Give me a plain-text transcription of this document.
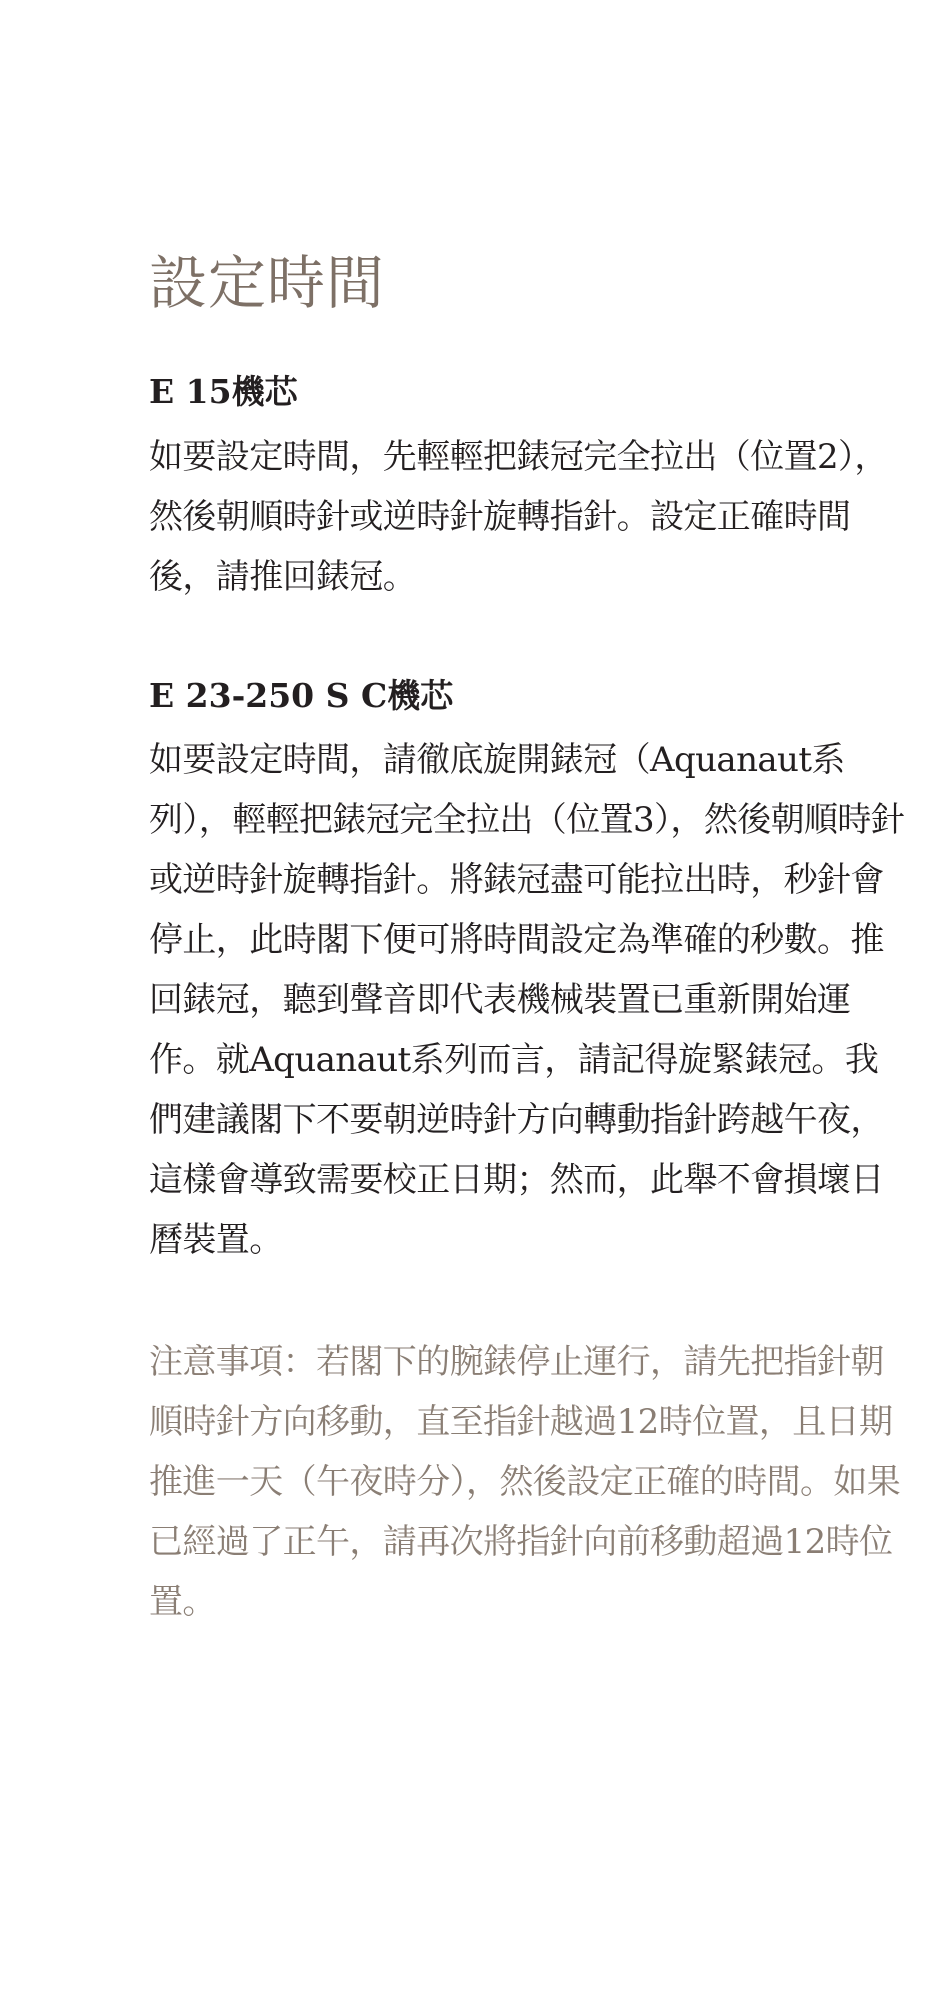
設定時間
E 15機芯

如要設定時間，先輕輕把錶冠完全拉出（位置2），然後朝順時針或逆時針旋轉指針。設定正確時間後，請推回錶冠。

E 23-250 S C機芯

如要設定時間，請徹底旋開錶冠（Aquanaut系列），輕輕把錶冠完全拉出（位置3），然後朝順時針或逆時針旋轉指針。將錶冠盡可能拉出時，秒針會停止，此時閣下便可將時間設定為準確的秒數。推回錶冠，聽到聲音即代表機械裝置已重新開始運作。就Aquanaut系列而言，請記得旋緊錶冠。我們建議閣下不要朝逆時針方向轉動指針跨越午夜，這樣會導致需要校正日期；然而，此舉不會損壞日曆裝置。

注意事項：若閣下的腕錶停止運行，請先把指針朝順時針方向移動，直至指針越過12時位置，且日期推進一天（午夜時分），然後設定正確的時間。如果已經過了正午，請再次將指針向前移動超過12時位置。
